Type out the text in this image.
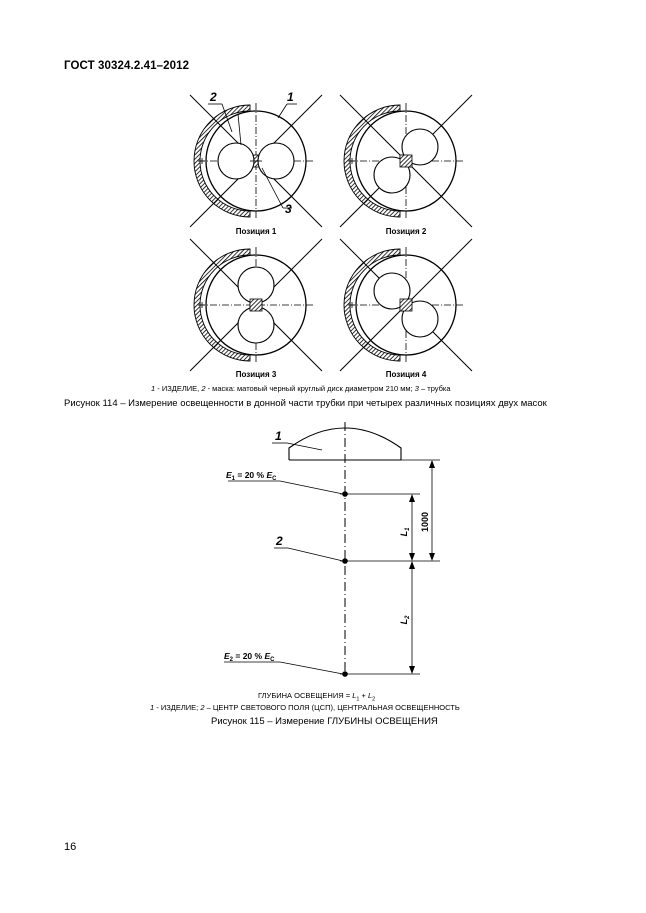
ГОСТ 30324.2.41–2012
2	1
3
Позиция 1	Позиция 2
Позиция 3	Позиция 4
1 - ИЗДЕЛИЕ, 2 - маска: матовый черный круглый диск диаметром 210 мм; 3 – трубка
Рисунок 114 – Измерение освещенности в донной части трубки при четырех различных позициях двух масок
1
2
$E_1 = 20$ % $E_C$
$E_2 = 20$ % $E_C$
1000
$L_1$
$L_2$
ГЛУБИНА ОСВЕЩЕНИЯ = $L_1 + L_2$
1 - ИЗДЕЛИЕ; 2 – ЦЕНТР СВЕТОВОГО ПОЛЯ (ЦСП), ЦЕНТРАЛЬНАЯ ОСВЕЩЕННОСТЬ
Рисунок 115 – Измерение ГЛУБИНЫ ОСВЕЩЕНИЯ
16
